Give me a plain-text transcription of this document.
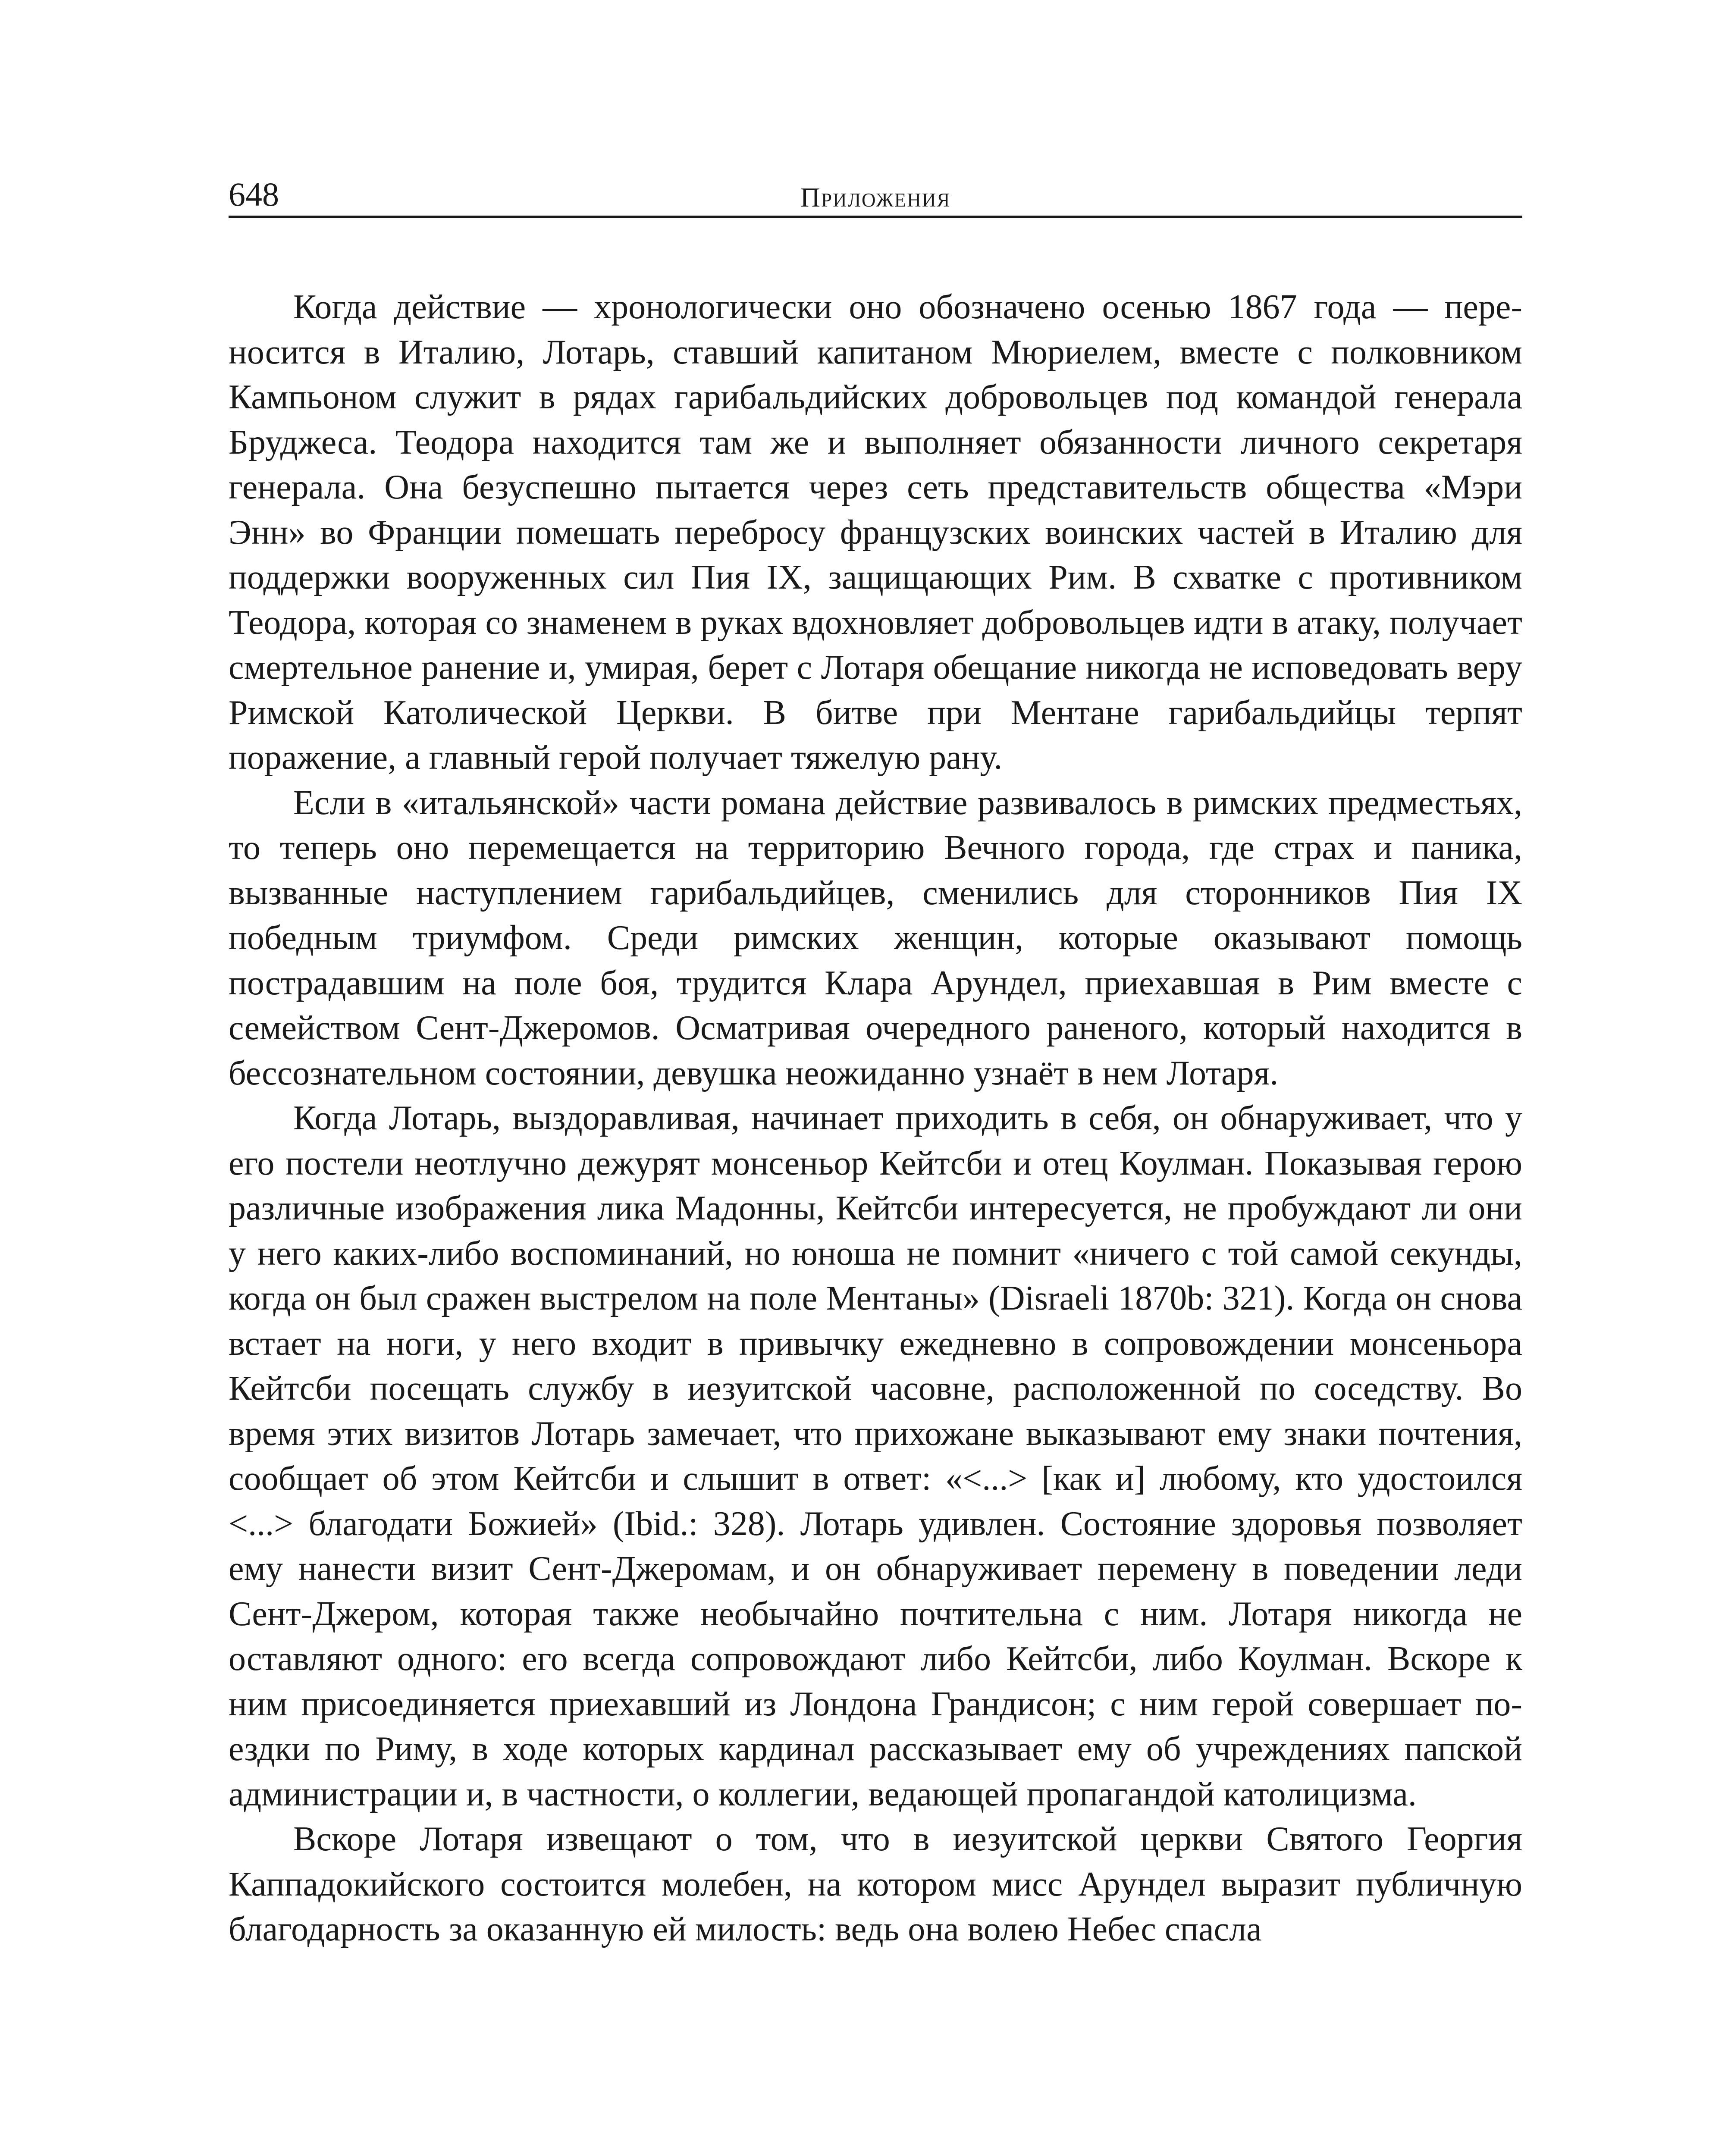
648	Приложения

Когда действие — хронологически оно обозначено осенью 1867 года — переносится в Италию, Лотарь, ставший капитаном Мюриелем, вместе с полковником Кампьоном служит в рядах гарибальдийских добровольцев под командой генерала Бруджеса. Теодора находится там же и выполняет обязанности личного секретаря генерала. Она безуспешно пытается через сеть представительств общества «Мэри Энн» во Франции помешать переброcу французских воинских частей в Италию для поддержки вооруженных сил Пия IX, защищающих Рим. В схватке с противником Теодора, которая со знаменем в руках вдохновляет добровольцев идти в атаку, получает смертельное ранение и, умирая, берет с Лотаря обещание никогда не исповедовать веру Римской Католической Церкви. В битве при Ментане гарибальдийцы терпят поражение, а главный герой получает тяжелую рану.

Если в «итальянской» части романа действие развивалось в римских предместьях, то теперь оно перемещается на территорию Вечного города, где страх и паника, вызванные наступлением гарибальдийцев, сменились для сторонников Пия IX победным триумфом. Среди римских женщин, которые оказывают помощь пострадавшим на поле боя, трудится Клара Арундел, приехавшая в Рим вместе с семейством Сент-Джеромов. Осматривая очередного раненого, который находится в бессознательном состоянии, девушка неожиданно узнаёт в нем Лотаря.

Когда Лотарь, выздоравливая, начинает приходить в себя, он обнаруживает, что у его постели неотлучно дежурят монсеньор Кейтсби и отец Коулман. Показывая герою различные изображения лика Мадонны, Кейтсби интересуется, не пробуждают ли они у него каких-либо воспоминаний, но юноша не помнит «ничего с той самой секунды, когда он был сражен выстрелом на поле Ментаны» (Disraeli 1870b: 321). Когда он снова встает на ноги, у него входит в привычку ежедневно в сопровождении монсеньора Кейтсби посещать службу в иезуитской часовне, расположенной по соседству. Во время этих визитов Лотарь замечает, что прихожане выказывают ему знаки почтения, сообщает об этом Кейтсби и слышит в ответ: «<...> [как и] любому, кто удостоился <...> благодати Божией» (Ibid.: 328). Лотарь удивлен. Состояние здоровья позволяет ему нанести визит Сент-Джеромам, и он обнаруживает перемену в поведении леди Сент-Джером, которая также необычайно почтительна с ним. Лотаря никогда не оставляют одного: его всегда сопровождают либо Кейтсби, либо Коулман. Вскоре к ним присоединяется приехавший из Лондона Грандисон; с ним герой совершает поездки по Риму, в ходе которых кардинал рассказывает ему об учреждениях папской администрации и, в частности, о коллегии, ведающей пропагандой католицизма.

Вскоре Лотаря извещают о том, что в иезуитской церкви Святого Георгия Каппадокийского состоится молебен, на котором мисс Арундел выразит публичную благодарность за оказанную ей милость: ведь она волею Небес спасла
